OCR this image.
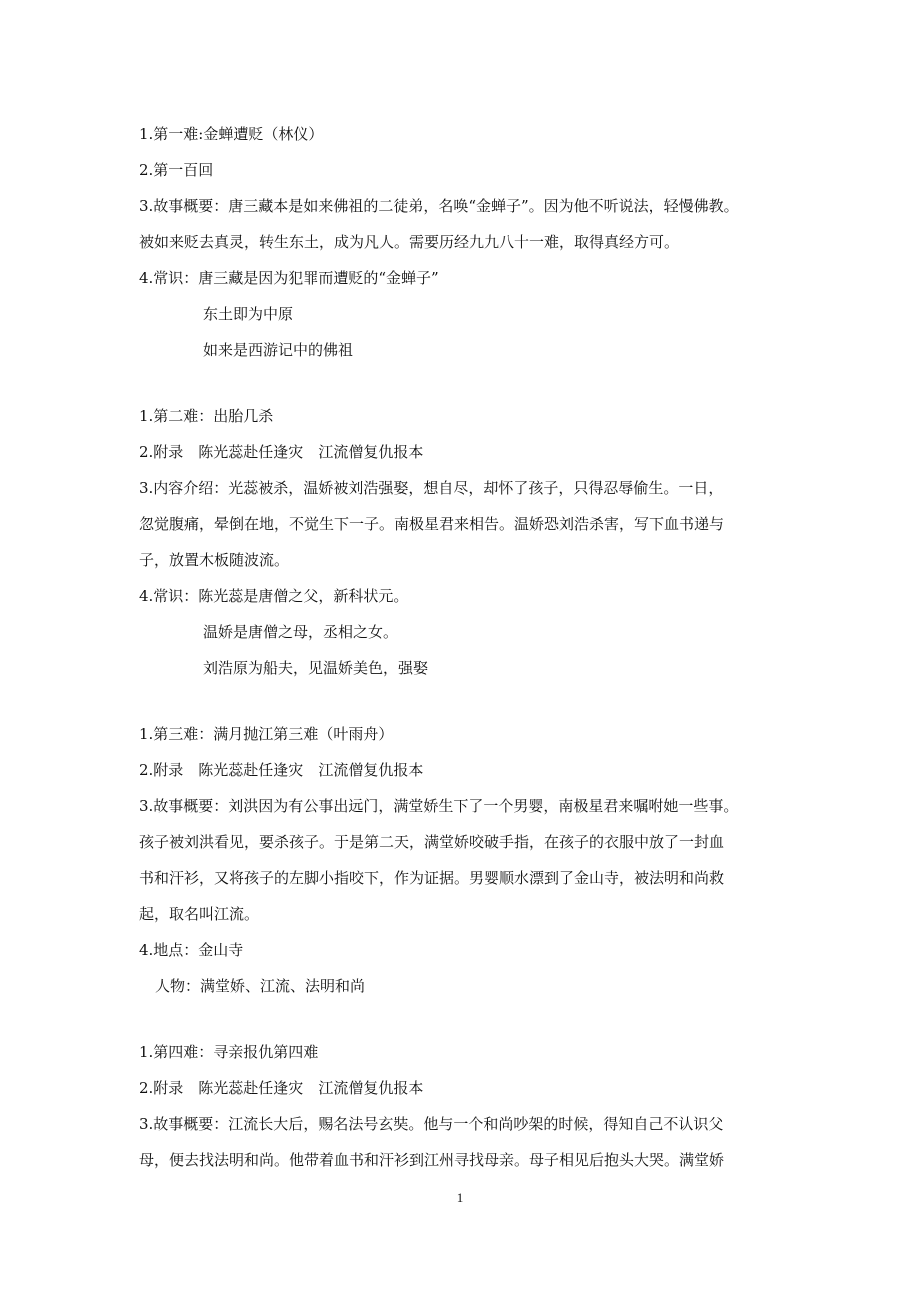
1.第一难:金蝉遭贬（林仪）
2.第一百回
3.故事概要：唐三藏本是如来佛祖的二徒弟，名唤“金蝉子”。因为他不听说法，轻慢佛教。
被如来贬去真灵，转生东土，成为凡人。需要历经九九八十一难，取得真经方可。
4.常识：唐三藏是因为犯罪而遭贬的“金蝉子”
东土即为中原
如来是西游记中的佛祖
1.第二难：出胎几杀
2.附录　陈光蕊赴任逢灾　江流僧复仇报本
3.内容介绍：光蕊被杀，温娇被刘浩强娶，想自尽，却怀了孩子，只得忍辱偷生。一日，
忽觉腹痛，晕倒在地，不觉生下一子。南极星君来相告。温娇恐刘浩杀害，写下血书递与
子，放置木板随波流。
4.常识：陈光蕊是唐僧之父，新科状元。
温娇是唐僧之母，丞相之女。
刘浩原为船夫，见温娇美色，强娶
1.第三难：满月抛江第三难（叶雨舟）
2.附录　陈光蕊赴任逢灾　江流僧复仇报本
3.故事概要：刘洪因为有公事出远门，满堂娇生下了一个男婴，南极星君来嘱咐她一些事。
孩子被刘洪看见，要杀孩子。于是第二天，满堂娇咬破手指，在孩子的衣服中放了一封血
书和汗衫，又将孩子的左脚小指咬下，作为证据。男婴顺水漂到了金山寺，被法明和尚救
起，取名叫江流。
4.地点：金山寺
人物：满堂娇、江流、法明和尚
1.第四难：寻亲报仇第四难
2.附录　陈光蕊赴任逢灾　江流僧复仇报本
3.故事概要：江流长大后，赐名法号玄奘。他与一个和尚吵架的时候，得知自己不认识父
母，便去找法明和尚。他带着血书和汗衫到江州寻找母亲。母子相见后抱头大哭。满堂娇
1
